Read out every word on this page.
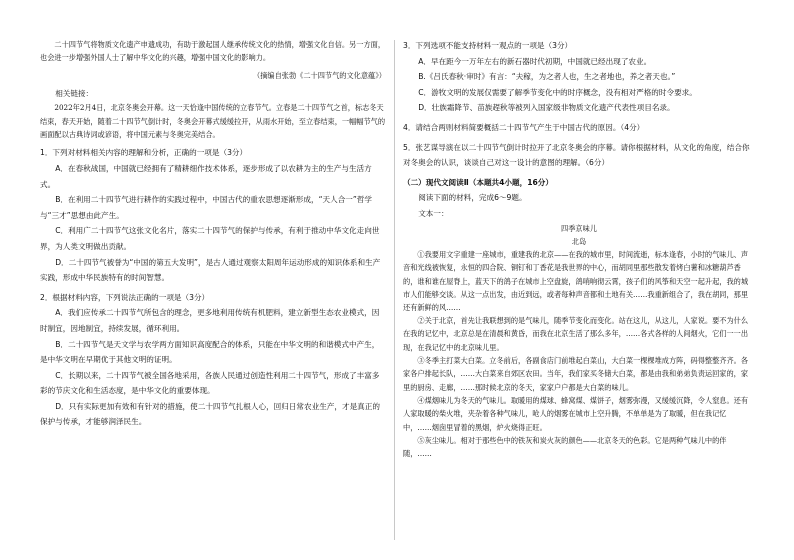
二十四节气将物质文化遗产申遗成功，有助于激起国人继承传统文化的热情，增强文化自信。另一方面，也会进一步增强外国人士了解中华文化的兴趣，增强中国文化的影响力。

（摘编自张勃《二十四节气的文化意蕴》）

相关链接：

2022年2月4日，北京冬奥会开幕。这一天恰逢中国传统的立春节气。立春是二十四节气之首，标志冬天结束，春天开始，随着二十四节气倒计时，冬奥会开幕式缓缓拉开，从雨水开始，至立春结束，一幅幅节气的画面配以古典诗词或谚语，将中国元素与冬奥完美结合。

1．下列对材料相关内容的理解和分析，正确的一项是（3分）

A．在春秋战国，中国就已经拥有了精耕细作技术体系，逐步形成了以农耕为主的生产与生活方式。

B．在利用二十四节气进行耕作的实践过程中，中国古代的重农思想逐渐形成，“天人合一”哲学与“三才”思想由此产生。

C．利用广二十四节气这张文化名片，落实二十四节气的保护与传承，有利于推动中华文化走向世界，为人类文明做出贡献。

D．二十四节气被誉为“中国的第五大发明”，是古人通过观察太阳周年运动形成的知识体系和生产实践，形成中华民族特有的时间智慧。

2．根据材料内容，下列说法正确的一项是（3分）

A．我们应传承二十四节气所包含的理念，更多地利用传统有机肥料，建立新型生态农业模式，因时制宜，因地制宜，持续发展，循环利用。

B．二十四节气是天文学与农学两方面知识高度配合的体系，只能在中华文明的和谐模式中产生，是中华文明在早期优于其他文明的证明。

C．长期以来，二十四节气被全国各地采用，各族人民通过创造性利用二十四节气，形成了丰富多彩的节庆文化和生活态度，是中华文化的重要体现。

D．只有实际更加有效和有针对的措施，使二十四节气扎根人心，回归日常农业生产，才是真正的保护与传承，才能够润泽民生。

3．下列选项不能支持材料一观点的一项是（3分）

A．早在距今一万年左右的新石器时代初期，中国就已经出现了农业。

B.《吕氏春秋·审时》有言：“夫稼，为之者人也，生之者地也，养之者天也。”

C．游牧文明的发展仅需要了解季节变化中的时序概念，没有相对严格的时令要求。

D．壮族霜降节、苗族趕秋等被列入国家级非物质文化遗产代表性项目名录。

4．请结合两则材料简要概括二十四节气产生于中国古代的原因。（4分）

5．张艺谋导演在以二十四节气倒计时拉开了北京冬奥会的序幕。请你根据材料，从文化的角度，结合你对冬奥会的认识，谈谈自己对这一设计的意图的理解。（6分）

（二）现代文阅读Ⅱ（本题共4小题，16分）

阅读下面的材料，完成6～9题。

文本一：

四季京味儿

北岛

①我要用文字重建一座城市，重建我的北京——在我的城市里，时间流逝，标本逢春，小时的气味儿、声音和光线被恢复，永恒的四合院、铜钉和丁香花是我世界的中心，而胡同里那些散发着烤白薯和冰糖葫芦香的，谁和谁在屋脊上，蓝天下的鸽子在城市上空盘旋，鸽哨响彻云霄，孩子们的风筝和天空一起升起，我的城市人们能够交谈。从这一点出发，由近到远，或者每种声音都和土地有关……我重新组合了，我在胡同，那里还有新鲜的风……

②关于北京，首先让我联想到的是气味儿，随季节变化而变化。站在这儿，从这儿，人家说。要不为什么在我的记忆中，北京总是在清晨和黄昏，而我在北京生活了那么多年，……各式各样的人间烟火，它们一一出现，在我记忆中的北京味儿里。

③冬季主打菜大白菜。立冬前后，各副食店门前堆起白菜山，大白菜一棵棵堆成方阵，码得整整齐齐。各家各户排起长队，……大白菜来自郊区农田。当年，我们家买冬储大白菜，都是由我和弟弟负责运回家的，家里的厨房、走廊，……那时候北京的冬天，家家户户都是大白菜的味儿。

④煤烟味儿为冬天的气味儿。取暖用的煤球、蜂窝煤、煤饼子，烟雾弥漫，又缓缓沉降，令人窒息。还有人家取暖的柴火堆，夹杂着各种气味儿，呛人的烟雾在城市上空升腾，不单单是为了取暖，但在我记忆中，……烟囱里冒着的黑烟，炉火烧得正旺。

⑤灰尘味儿。相对于那些色中的铁灰和炭火灰的颜色——北京冬天的色彩。它是两种气味儿中的伴随，……
